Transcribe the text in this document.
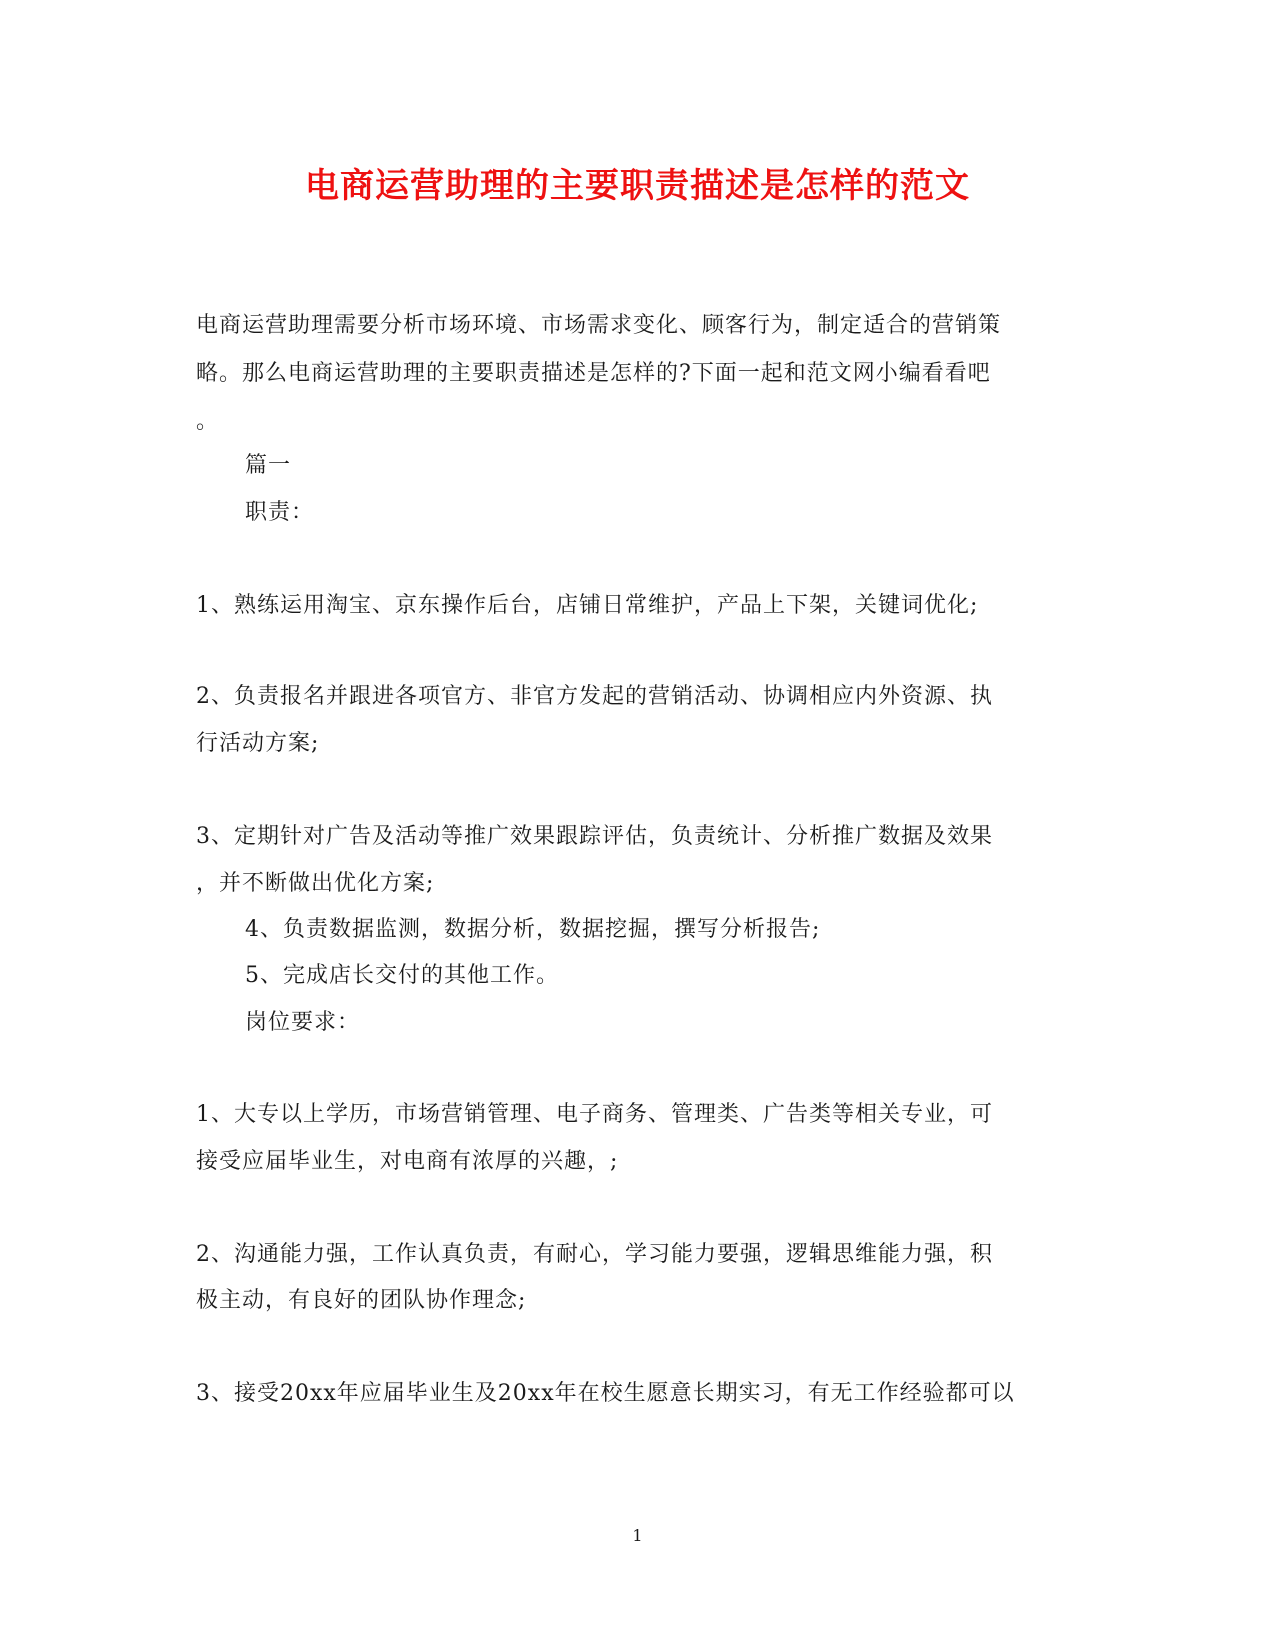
电商运营助理的主要职责描述是怎样的范文
电商运营助理需要分析市场环境、市场需求变化、顾客行为，制定适合的营销策
略。那么电商运营助理的主要职责描述是怎样的?下面一起和范文网小编看看吧
。
篇一
职责：
1、熟练运用淘宝、京东操作后台，店铺日常维护，产品上下架，关键词优化;
2、负责报名并跟进各项官方、非官方发起的营销活动、协调相应内外资源、执
行活动方案;
3、定期针对广告及活动等推广效果跟踪评估，负责统计、分析推广数据及效果
，并不断做出优化方案;
4、负责数据监测，数据分析，数据挖掘，撰写分析报告;
5、完成店长交付的其他工作。
岗位要求：
1、大专以上学历，市场营销管理、电子商务、管理类、广告类等相关专业，可
接受应届毕业生，对电商有浓厚的兴趣，;
2、沟通能力强，工作认真负责，有耐心，学习能力要强，逻辑思维能力强，积
极主动，有良好的团队协作理念;
3、接受20xx年应届毕业生及20xx年在校生愿意长期实习，有无工作经验都可以
1
